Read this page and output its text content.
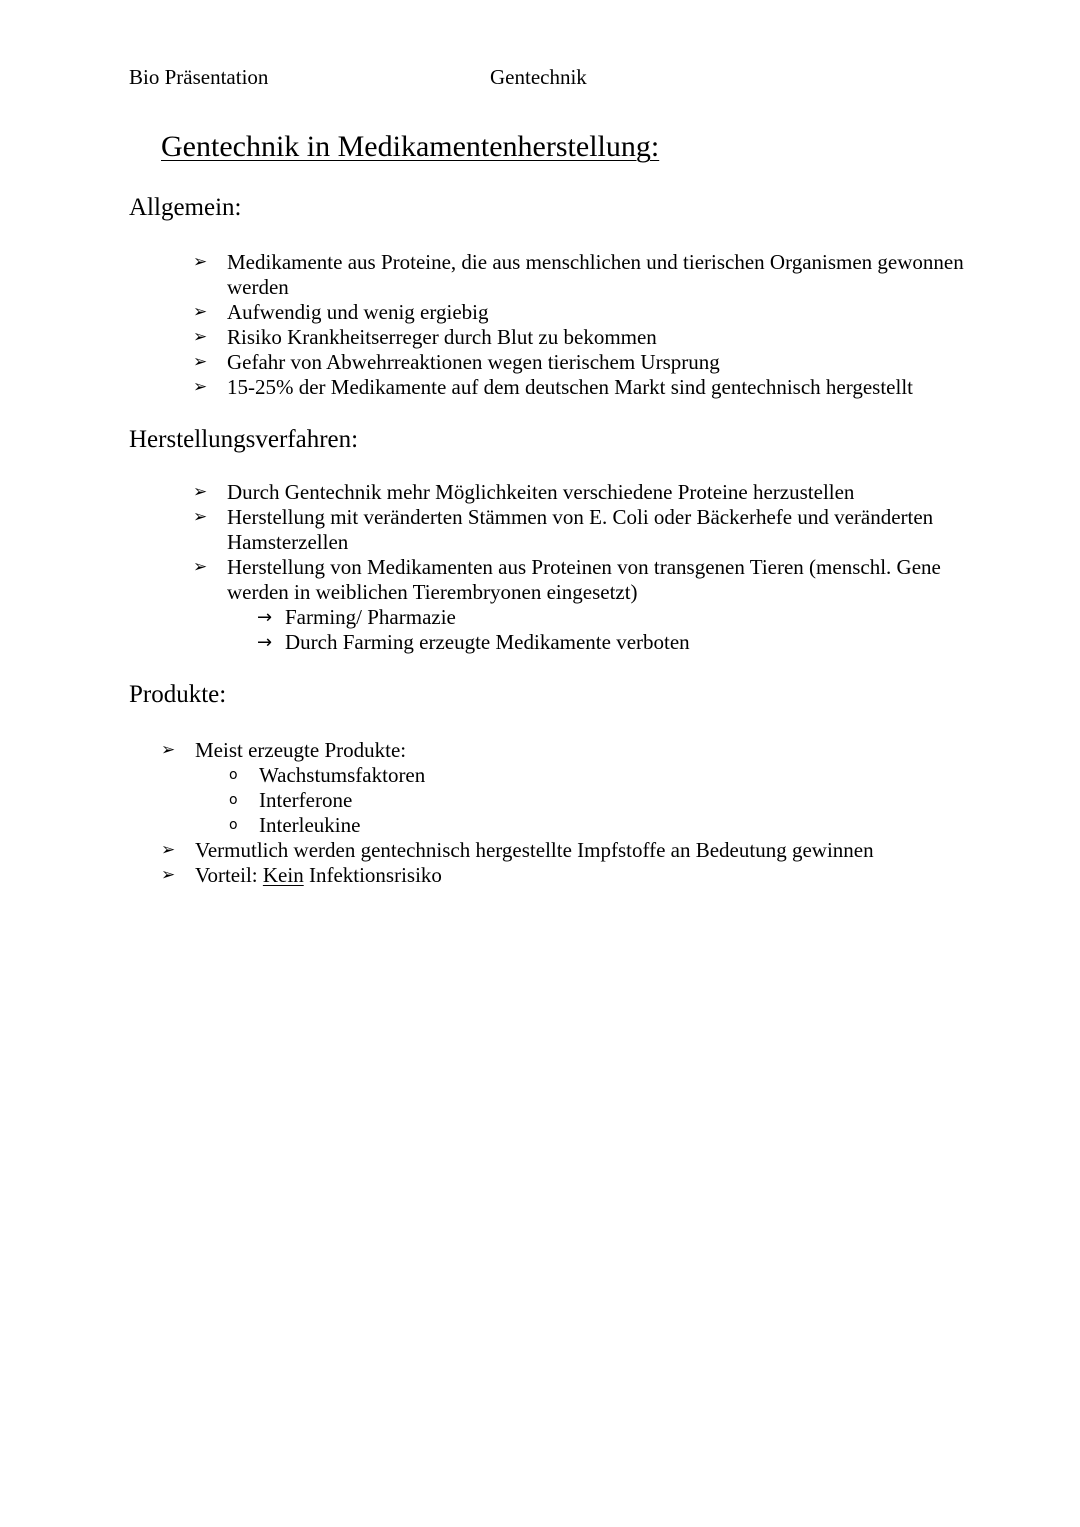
Bio Präsentation	Gentechnik
Gentechnik in Medikamentenherstellung:
Allgemein:
➢ Medikamente aus Proteine, die aus menschlichen und tierischen Organismen gewonnen werden
➢ Aufwendig und wenig ergiebig
➢ Risiko Krankheitserreger durch Blut zu bekommen
➢ Gefahr von Abwehrreaktionen wegen tierischem Ursprung
➢ 15-25% der Medikamente auf dem deutschen Markt sind gentechnisch hergestellt
Herstellungsverfahren:
➢ Durch Gentechnik mehr Möglichkeiten verschiedene Proteine herzustellen
➢ Herstellung mit veränderten Stämmen von E. Coli oder Bäckerhefe und veränderten Hamsterzellen
➢ Herstellung von Medikamenten aus Proteinen von transgenen Tieren (menschl. Gene werden in weiblichen Tierembryonen eingesetzt)
→ Farming/ Pharmazie
→ Durch Farming erzeugte Medikamente verboten
Produkte:
➢ Meist erzeugte Produkte:
o Wachstumsfaktoren
o Interferone
o Interleukine
➢ Vermutlich werden gentechnisch hergestellte Impfstoffe an Bedeutung gewinnen
➢ Vorteil: Kein Infektionsrisiko
